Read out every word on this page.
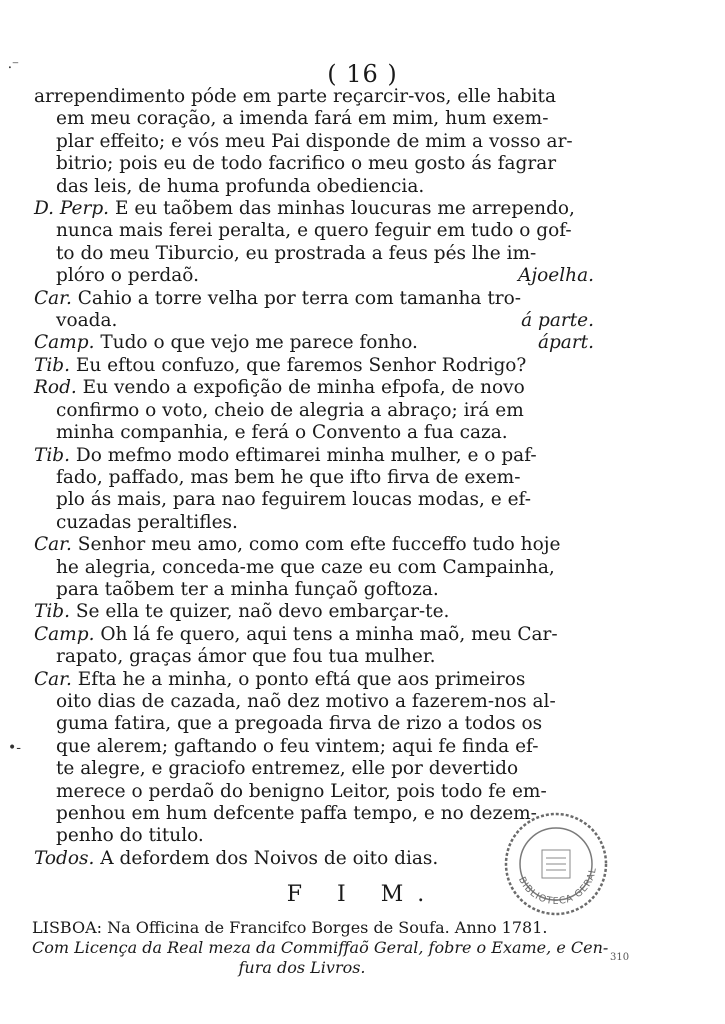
⸳⁻
•‐
( 16 )
arrependimento póde em parte reçarcir-vos, elle habita
em meu coração, a imenda fará em mim, hum exem-
plar effeito; e vós meu Pai disponde de mim a vosso ar-
bitrio; pois eu de todo facrifico o meu gosto ás fagrar
das leis, de huma profunda obediencia.
D. Perp. E eu taõbem das minhas loucuras me arrependo,
nunca mais ferei peralta, e quero feguir em tudo o gof-
to do meu Tiburcio, eu prostrada a feus pés lhe im-
plóro o perdaõ.	Ajoelha.
Car. Cahio a torre velha por terra com tamanha tro-
voada.	á parte.
Camp. Tudo o que vejo me parece fonho.	ápart.
Tib. Eu eftou confuzo, que faremos Senhor Rodrigo?
Rod. Eu vendo a expofição de minha efpofa, de novo
confirmo o voto, cheio de alegria a abraço; irá em
minha companhia, e ferá o Convento a fua caza.
Tib. Do mefmo modo eftimarei minha mulher, e o paf-
fado, paffado, mas bem he que ifto firva de exem-
plo ás mais, para nao feguirem loucas modas, e ef-
cuzadas peraltifles.
Car. Senhor meu amo, como com efte fucceffo tudo hoje
he alegria, conceda-me que caze eu com Campainha,
para taõbem ter a minha funçaõ goftoza.
Tib. Se ella te quizer, naõ devo embarçar-te.
Camp. Oh lá fe quero, aqui tens a minha maõ, meu Car-
rapato, graças ámor que fou tua mulher.
Car. Efta he a minha, o ponto eftá que aos primeiros
oito dias de cazada, naõ dez motivo a fazerem-nos al-
guma fatira, que a pregoada firva de rizo a todos os
que alerem; gaftando o feu vintem; aqui fe finda ef-
te alegre, e graciofo entremez, elle por devertido
merece o perdaõ do benigno Leitor, pois todo fe em-
penhou em hum defcente paffa tempo, e no dezem-
penho do titulo.
Todos. A defordem dos Noivos de oito dias.
F I M.
LISBOA: Na Officina de Francifco Borges de Soufa. Anno 1781.
Com Licença da Real meza da Commiffaõ Geral, fobre o Exame, e Cen-
fura dos Livros.
BIBLIOTECA GERAL
310
